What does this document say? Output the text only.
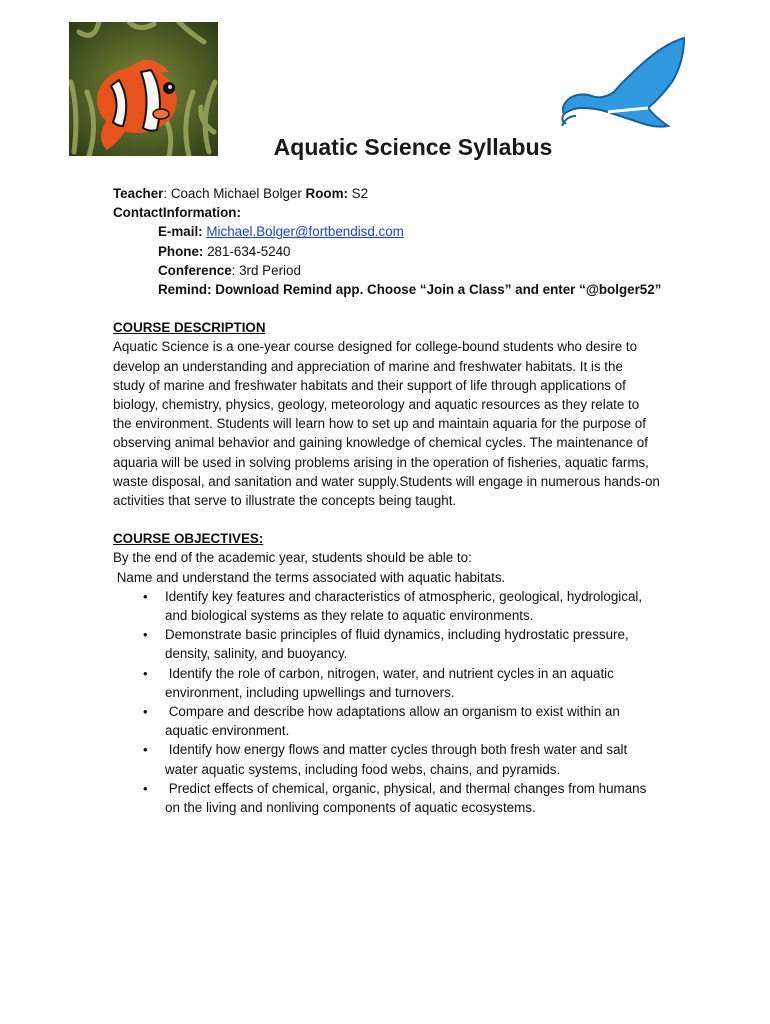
Aquatic Science Syllabus
Teacher: Coach Michael Bolger Room: S2
ContactInformation:
E-mail: Michael.Bolger@fortbendisd.com
Phone: 281-634-5240
Conference: 3rd Period
Remind: Download Remind app. Choose “Join a Class” and enter “@bolger52”
COURSE DESCRIPTION
Aquatic Science is a one-year course designed for college-bound students who desire to
develop an understanding and appreciation of marine and freshwater habitats. It is the
study of marine and freshwater habitats and their support of life through applications of
biology, chemistry, physics, geology, meteorology and aquatic resources as they relate to
the environment. Students will learn how to set up and maintain aquaria for the purpose of
observing animal behavior and gaining knowledge of chemical cycles. The maintenance of
aquaria will be used in solving problems arising in the operation of fisheries, aquatic farms,
waste disposal, and sanitation and water supply.Students will engage in numerous hands-on
activities that serve to illustrate the concepts being taught.
COURSE OBJECTIVES:
By the end of the academic year, students should be able to:
Name and understand the terms associated with aquatic habitats.
• Identify key features and characteristics of atmospheric, geological, hydrological,
and biological systems as they relate to aquatic environments.
• Demonstrate basic principles of fluid dynamics, including hydrostatic pressure,
density, salinity, and buoyancy.
• Identify the role of carbon, nitrogen, water, and nutrient cycles in an aquatic
environment, including upwellings and turnovers.
• Compare and describe how adaptations allow an organism to exist within an
aquatic environment.
• Identify how energy flows and matter cycles through both fresh water and salt
water aquatic systems, including food webs, chains, and pyramids.
• Predict effects of chemical, organic, physical, and thermal changes from humans
on the living and nonliving components of aquatic ecosystems.
